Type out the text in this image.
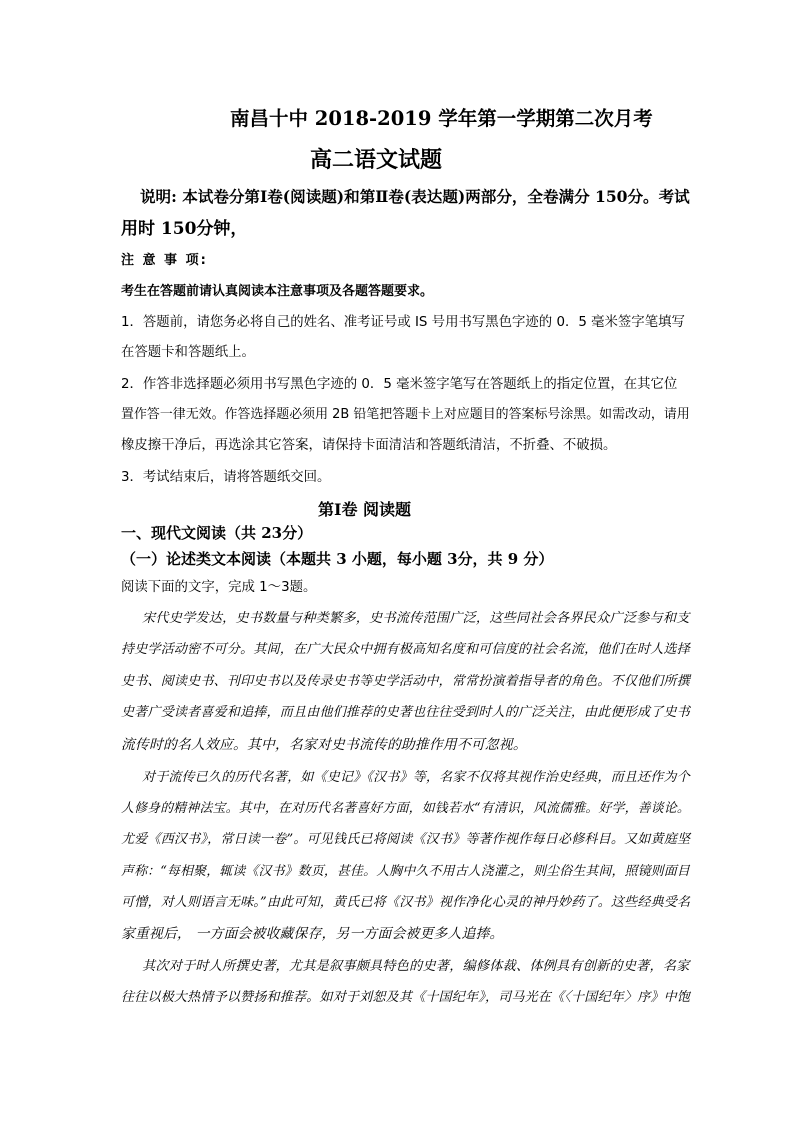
南昌十中 2018-2019 学年第一学期第二次月考
高二语文试题
说明: 本试卷分第Ⅰ卷(阅读题)和第Ⅱ卷(表达题)两部分，全卷满分 150分。考试
用时 150分钟，
注 意 事 项:
考生在答题前请认真阅读本注意事项及各题答题要求。
1．答题前，请您务必将自己的姓名、准考证号或 IS 号用书写黑色字迹的 0．5 毫米签字笔填写
在答题卡和答题纸上。
2．作答非选择题必须用书写黑色字迹的 0．5 毫米签字笔写在答题纸上的指定位置，在其它位
置作答一律无效。作答选择题必须用 2B 铅笔把答题卡上对应题目的答案标号涂黑。如需改动，请用
橡皮擦干净后，再选涂其它答案，请保持卡面清洁和答题纸清洁，不折叠、不破损。
3．考试结束后，请将答题纸交回。
第Ⅰ卷 阅读题
一、现代文阅读（共 23分）
（一）论述类文本阅读（本题共 3 小题，每小题 3分，共 9 分）
阅读下面的文字，完成 1～3题。
宋代史学发达，史书数量与种类繁多，史书流传范围广泛，这些同社会各界民众广泛参与和支
持史学活动密不可分。其间，在广大民众中拥有极高知名度和可信度的社会名流，他们在时人选择
史书、阅读史书、刊印史书以及传录史书等史学活动中，常常扮演着指导者的角色。不仅他们所撰
史著广受读者喜爱和追捧，而且由他们推荐的史著也往往受到时人的广泛关注，由此便形成了史书
流传时的名人效应。其中，名家对史书流传的助推作用不可忽视。
对于流传已久的历代名著，如《史记》《汉书》等，名家不仅将其视作治史经典，而且还作为个
人修身的精神法宝。其中，在对历代名著喜好方面，如钱若水“有清识，风流儒雅。好学，善谈论。
尤爱《西汉书》，常日读一卷”。可见钱氏已将阅读《汉书》等著作视作每日必修科目。又如黄庭坚
声称：“每相聚，辄读《汉书》数页，甚佳。人胸中久不用古人浇灌之，则尘俗生其间，照镜则面目
可憎，对人则语言无味。”由此可知，黄氏已将《汉书》视作净化心灵的神丹妙药了。这些经典受名
家重视后， 一方面会被收藏保存，另一方面会被更多人追捧。
其次对于时人所撰史著，尤其是叙事颇具特色的史著，编修体裁、体例具有创新的史著，名家
往往以极大热情予以赞扬和推荐。如对于刘恕及其《十国纪年》，司马光在《〈十国纪年〉序》中饱
